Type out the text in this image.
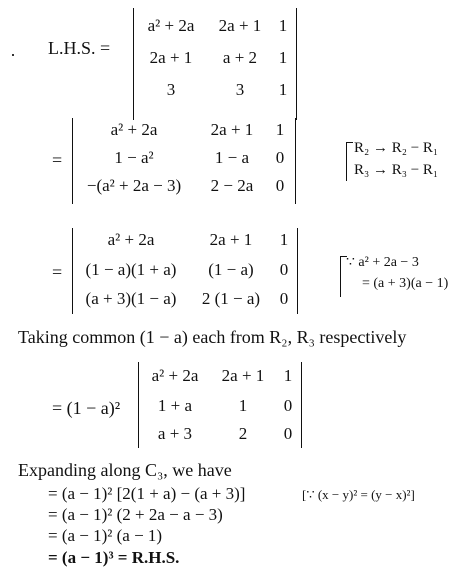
L.H.S. =
a² + 2a	2a + 1	1
2a + 1	a + 2	1
3	3	1
=
a² + 2a	2a + 1	1
1 − a²	1 − a	0
−(a² + 2a − 3)	2 − 2a	0
R₂ → R₂ − R₁
R₃ → R₃ − R₁
=
a² + 2a	2a + 1	1
(1 − a)(1 + a)	(1 − a)	0
(a + 3)(1 − a)	2 (1 − a)	0
∵ a² + 2a − 3
= (a + 3)(a − 1)
Taking common (1 − a) each from R₂, R₃ respectively
= (1 − a)²
a² + 2a	2a + 1	1
1 + a	1	0
a + 3	2	0
Expanding along C₃, we have
= (a − 1)² [2(1 + a) − (a + 3)]	[∵ (x − y)² = (y − x)²]
= (a − 1)² (2 + 2a − a − 3)
= (a − 1)² (a − 1)
= (a − 1)³ = R.H.S.
